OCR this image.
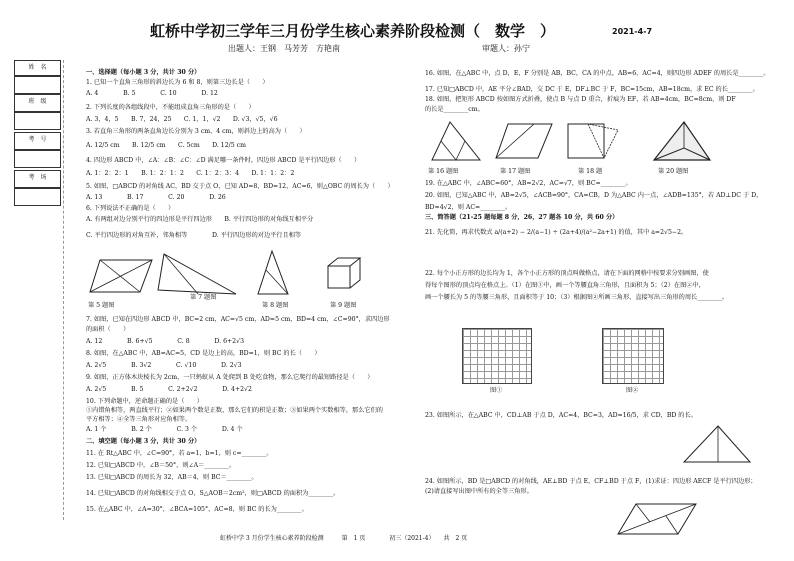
虹桥中学初三学年三月份学生核心素养阶段检测（　数学　）	2021-4-7
出题人：王钢　马芳芳　方艳南	审题人：孙宁
姓　名
班　级
考　号
考　场
一、选择题（每小题 3 分，共计 30 分）
1. 已知一个直角三角形的斜边长为 6 和 8，则第三边长是（　　）
A. 4　　　　B. 5　　　　C. 10　　　　D. 12
2. 下列长度的各组线段中，不能组成直角三角形的是（　　）
A. 3，4，5　　B. 7，24，25　　C. 1，1，√2　　D. √3，√5，√6
3. 若直角三角形的两条直角边长分别为 3 cm，4 cm，则斜边上的高为（　　）
A. 12/5 cm　　B. 12/5 cm　　C. 5cm　　D. 12/5 cm
4. 四边形 ABCD 中，∠A：∠B：∠C：∠D 满足哪一条件时，四边形 ABCD 是平行四边形（　　）
A. 1：2：2：1　　B. 1：2：1：2　　C. 1：2：3：4　　D. 1：1：2：2
5. 如图，□ABCD 的对角线 AC，BD 交于点 O，已知 AD=8，BD=12，AC=6，则△OBC 的周长为（　　）
A. 13　　　　B. 17　　　　C. 20　　　　D. 26
6. 下列说法不正确的是（　　）
A. 有两组对边分别平行的四边形是平行四边形　　B. 平行四边形的对角线互相平分
C. 平行四边形的对角互补，邻角相等　　　　D. 平行四边形的对边平行且相等
第 5 题图
第 7 题图
第 8 题图	第 9 题图
7. 如图，已知在四边形 ABCD 中，BC=2 cm，AC=√5 cm，AD=5 cm，BD=4 cm，∠C=90°，求四边形
的面积（　　）
A. 12　　　　B. 6+√5　　　　C. 8　　　　D. 6+2√3
8. 如图，在△ABC 中，AB=AC=5，CD 是边上的高，BD=1，则 BC 的长（　　）
A. 2√5　　　　B. 3√2　　　　C. √10　　　　D. 2√3
9. 如图，正方体木块棱长为 2cm，一只蚂蚁从 A 处爬到 B 处吃食物，那么它爬行的最短路径是（　　）
A. 2√5　　　　B. 5　　　　C. 2+2√2　　　　D. 4+2√2
10. 下列命题中，逆命题正确的是（　　）
①内错角相等，两直线平行；②如果两个数是正数，那么它们的积是正数；③如果两个实数相等，那么它们的
平方相等；④全等三角形对应角相等。
A. 1 个　　　　B. 2 个　　　　C. 3 个　　　　D. 4 个
二、填空题（每小题 3 分，共计 30 分）
11. 在 Rt△ABC 中，∠C=90°，若 a=1，b=1，则 c=________。
12. 已知□ABCD 中，∠B＝50°，则∠A＝________。
13. 已知□ABCD 的周长为 32，AB＝4，则 BC＝________。
14. 已知□ABCD 的对角线相交于点 O，S△AOB＝2cm²，则□ABCD 的面积为________。
15. 在△ABC 中，∠A=30°，∠BCA=105°，AC=8，则 BC 的长为________。
16. 如图，在△ABC 中，点 D，E，F 分别是 AB，BC，CA 的中点，AB=6，AC=4，则四边形 ADEF 的周长是________。
17. 已知□ABCD 中，AE 平分∠BAD，交 DC 于 E，DF⊥BC 于 F，BC=15cm，AB=18cm，求 EC 的长________。
18. 如图，把矩形 ABCD 按如图方式折叠，使点 B 与点 D 重合，折痕为 EF，若 AB=4cm，BC=8cm，则 DF
的长是________cm。
第 16 题图	第 17 题图	第 18 题	第 20 题图
19. 在△ABC 中，∠ABC=60°，AB=2√2，AC=√7，则 BC=________。
20. 如图，已知△ABC 中，AB=2√5，∠ACB=90°，CA=CB，D 为△ABC 内一点，∠ADB=135°，若 AD⊥DC 于 D，
BD=4√2，则 AC=________。
三、简答题（21-25 题每题 8 分，26，27 题各 10 分，共 60 分）
21. 先化简，再求代数式 a/(a+2) − 2/(a−1) ÷ (2a+4)/(a²−2a+1) 的值，其中 a=2√5−2。
22. 每个小正方形的边长均为 1，各个小正方形的顶点叫做格点，请在下面的网格中按要求分别画图，使
得每个图形的顶点均在格点上。（1）在图①中，画一个等腰直角三角形，且面积为 5；（2）在图②中，
画一个腰长为 5 的等腰三角形，且面积等于 10；（3）根据图②所画三角形，直接写出三角形的周长________。
图①	图②
23. 如图所示，在△ABC 中，CD⊥AB 于点 D，AC=4，BC=3，AD=16/5，求 CD，BD 的长。
24. 如图所示，BD 是□ABCD 的对角线，AE⊥BD 于点 E，CF⊥BD 于点 F，(1)求证：四边形 AECF 是平行四边形；
(2)请直接写出图中所有的全等三角形。
虹桥中学 3 月份学生核心素养阶段检测　　　第　1 页　　　　初三（2021-4）　　共　2 页
